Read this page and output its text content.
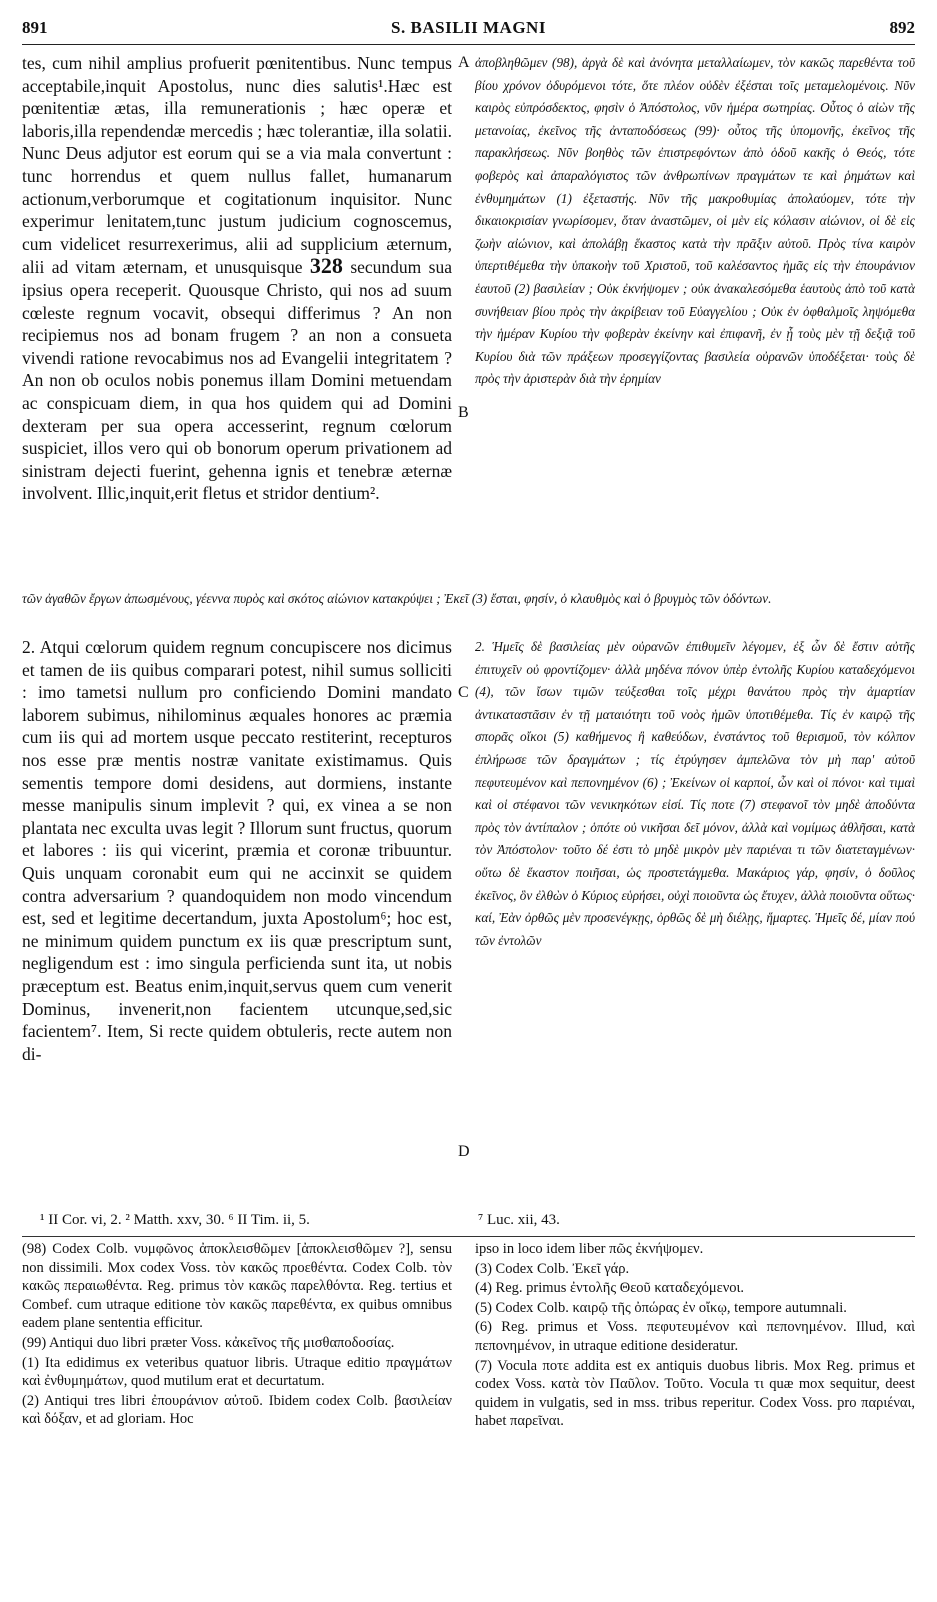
891	S. BASILII MAGNI	892

tes, cum nihil amplius profuerit pœnitentibus. Nunc tempus acceptabile,inquit Apostolus, nunc dies salutis¹.Hæc est pœnitentiæ ætas, illa remunerationis ; hæc operæ et laboris,illa rependendæ mercedis ; hæc tolerantiæ, illa solatii. Nunc Deus adjutor est eorum qui se a via mala convertunt : tunc horrendus et quem nullus fallet, humanarum actionum,verborumque et cogitationum inquisitor. Nunc experimur lenitatem,tunc justum judicium cognoscemus, cum videlicet resurrexerimus, alii ad supplicium æternum, alii ad vitam æternam, et unusquisque 328 secundum sua ipsius opera receperit. Quousque Christo, qui nos ad suum cœleste regnum vocavit, obsequi differimus ? An non recipiemus nos ad bonam frugem ? an non a consueta vivendi ratione revocabimus nos ad Evangelii integritatem ? An non ob oculos nobis ponemus illam Domini metuendam ac conspicuam diem, in qua hos quidem qui ad Domini dexteram per sua opera accesserint, regnum cœlorum suspiciet, illos vero qui ob bonorum operum privationem ad sinistram dejecti fuerint, gehenna ignis et tenebræ æternæ involvent. Illic,inquit,erit fletus et stridor dentium².

A ἀποβληθῶμεν (98), ἀργὰ δὲ καὶ ἀνόνητα μεταλλαίωμεν, τὸν κακῶς παρεθέντα τοῦ βίου χρόνον ὀδυρόμενοι τότε, ὅτε πλέον οὐδὲν ἐξέσται τοῖς μεταμελομένοις. Νῦν καιρὸς εὐπρόσδεκτος, φησὶν ὁ Ἀπόστολος, νῦν ἡμέρα σωτηρίας. Οὗτος ὁ αἰὼν τῆς μετανοίας, ἐκεῖνος τῆς ἀνταποδόσεως (99)· οὗτος τῆς ὑπομονῆς, ἐκεῖνος τῆς παρακλήσεως. Νῦν βοηθὸς τῶν ἐπιστρεφόντων ἀπὸ ὁδοῦ κακῆς ὁ Θεός, τότε φοβερὸς καὶ ἀπαραλόγιστος τῶν ἀνθρωπίνων πραγμάτων τε καὶ ῥημάτων καὶ ἐνθυμημάτων (1) ἐξεταστής. Νῦν τῆς μακροθυμίας ἀπολαύομεν, τότε τὴν δικαιοκρισίαν γνωρίσομεν, ὅταν ἀναστῶμεν, οἱ μὲν εἰς κόλασιν αἰώνιον, οἱ δὲ εἰς ζωὴν αἰώνιον, καὶ ἀπολάβῃ ἕκαστος κατὰ τὴν πρᾶξιν αὐτοῦ. Πρὸς τίνα καιρὸν ὑπερτιθέμεθα τὴν ὑπακοὴν τοῦ Χριστοῦ, τοῦ καλέσαντος ἡμᾶς εἰς τὴν ἐπουράνιον ἑαυτοῦ (2) βασιλείαν ; Οὐκ ἐκνήψομεν ; οὐκ ἀνακαλεσόμεθα ἑαυτοὺς ἀπὸ τοῦ κατὰ συνήθειαν βίου πρὸς τὴν ἀκρίβειαν τοῦ Εὐαγγελίου ; Οὐκ ἐν ὀφθαλμοῖς ληψόμεθα τὴν ἡμέραν Κυρίου τὴν φοβερὰν ἐκείνην καὶ ἐπιφανῆ, ἐν ᾗ τοὺς μὲν τῇ δεξιᾷ τοῦ Κυρίου διὰ τῶν πράξεων προσεγγίζοντας βασιλεία οὐρανῶν ὑποδέξεται· τοὺς δὲ πρὸς τὴν ἀριστερὰν διὰ τὴν ἐρημίαν

B

τῶν ἀγαθῶν ἔργων ἀπωσμένους, γέεννα πυρὸς καὶ σκότος αἰώνιον κατακρύψει ; Ἐκεῖ (3) ἔσται, φησίν, ὁ κλαυθμὸς καὶ ὁ βρυγμὸς τῶν ὀδόντων.

2. Atqui cœlorum quidem regnum concupiscere nos dicimus et tamen de iis quibus comparari potest, nihil sumus solliciti : imo tametsi nullum pro conficiendo Domini mandato laborem subimus, nihilominus æquales honores ac præmia cum iis qui ad mortem usque peccato restiterint, recepturos nos esse præ mentis nostræ vanitate existimamus. Quis sementis tempore domi desidens, aut dormiens, instante messe manipulis sinum implevit ? qui, ex vinea a se non plantata nec exculta uvas legit ? Illorum sunt fructus, quorum et labores : iis qui vicerint, præmia et coronæ tribuuntur. Quis unquam coronabit eum qui ne accinxit se quidem contra adversarium ? quandoquidem non modo vincendum est, sed et legitime decertandum, juxta Apostolum⁶; hoc est, ne minimum quidem punctum ex iis quæ prescriptum sunt, negligendum est : imo singula perficienda sunt ita, ut nobis præceptum est. Beatus enim,inquit,servus quem cum venerit Dominus, invenerit,non facientem utcunque,sed,sic facientem⁷. Item, Si recte quidem obtuleris, recte autem non di-

C

2. Ἡμεῖς δὲ βασιλείας μὲν οὐρανῶν ἐπιθυμεῖν λέγομεν, ἐξ ὧν δὲ ἔστιν αὐτῆς ἐπιτυχεῖν οὐ φροντίζομεν· ἀλλὰ μηδένα πόνον ὑπὲρ ἐντολῆς Κυρίου καταδεχόμενοι (4), τῶν ἴσων τιμῶν τεύξεσθαι τοῖς μέχρι θανάτου πρὸς τὴν ἁμαρτίαν ἀντικαταστᾶσιν ἐν τῇ ματαιότητι τοῦ νοὸς ἡμῶν ὑποτιθέμεθα. Τίς ἐν καιρῷ τῆς σπορᾶς οἴκοι (5) καθήμενος ἢ καθεύδων, ἐνστάντος τοῦ θερισμοῦ, τὸν κόλπον ἐπλήρωσε τῶν δραγμάτων ; τίς ἐτρύγησεν ἀμπελῶνα τὸν μὴ παρ' αὐτοῦ πεφυτευμένον καὶ πεπονημένον (6) ; Ἐκείνων οἱ καρποί, ὧν καὶ οἱ πόνοι· καὶ τιμαὶ καὶ οἱ στέφανοι τῶν νενικηκότων εἰσί. Τίς ποτε (7) στεφανοῖ τὸν μηδὲ ἀποδύντα πρὸς τὸν ἀντίπαλον ; ὁπότε οὐ νικῆσαι δεῖ μόνον, ἀλλὰ καὶ νομίμως ἀθλῆσαι, κατὰ τὸν Ἀπόστολον· τοῦτο δέ ἐστι τὸ μηδὲ μικρὸν μὲν παριέναι τι τῶν διατεταγμένων· οὕτω δὲ ἕκαστον ποιῆσαι, ὡς προστετάγμεθα. Μακάριος γάρ, φησίν, ὁ δοῦλος ἐκεῖνος, ὃν ἐλθὼν ὁ Κύριος εὑρήσει, οὐχὶ ποιοῦντα ὡς ἔτυχεν, ἀλλὰ ποιοῦντα οὕτως· καί, Ἐὰν ὀρθῶς μὲν προσενέγκῃς, ὀρθῶς δὲ μὴ διέλῃς, ἥμαρτες. Ἡμεῖς δέ, μίαν πού τῶν ἐντολῶν

D
¹ II Cor. vi, 2. ² Matth. xxv, 30. ⁶ II Tim. ii, 5.	⁷ Luc. xii, 43.

(98) Codex Colb. νυμφῶνος ἀποκλεισθῶμεν [ἀποκλεισθῶμεν ?], sensu non dissimili. Mox codex Voss. τὸν κακῶς προεθέντα. Codex Colb. τὸν κακῶς περαιωθέντα. Reg. primus τὸν κακῶς παρελθόντα. Reg. tertius et Combef. cum utraque editione τὸν κακῶς παρεθέντα, ex quibus omnibus eadem plane sententia efficitur.

(99) Antiqui duo libri præter Voss. κἀκεῖνος τῆς μισθαποδοσίας.

(1) Ita edidimus ex veteribus quatuor libris. Utraque editio πραγμάτων καὶ ἐνθυμημάτων, quod mutilum erat et decurtatum.

(2) Antiqui tres libri ἐπουράνιον αὐτοῦ. Ibidem codex Colb. βασιλείαν καὶ δόξαν, et ad gloriam. Hoc

ipso in loco idem liber πῶς ἐκνήψομεν.

(3) Codex Colb. Ἐκεῖ γάρ.

(4) Reg. primus ἐντολῆς Θεοῦ καταδεχόμενοι.

(5) Codex Colb. καιρῷ τῆς ὀπώρας ἐν οἴκῳ, tempore autumnali.

(6) Reg. primus et Voss. πεφυτευμένον καὶ πεπονημένον. Illud, καὶ πεπονημένον, in utraque editione desideratur.

(7) Vocula ποτε addita est ex antiquis duobus libris. Mox Reg. primus et codex Voss. κατὰ τὸν Παῦλον. Τοῦτο. Vocula τι quæ mox sequitur, deest quidem in vulgatis, sed in mss. tribus reperitur. Codex Voss. pro παριέναι, habet παρεῖναι.
